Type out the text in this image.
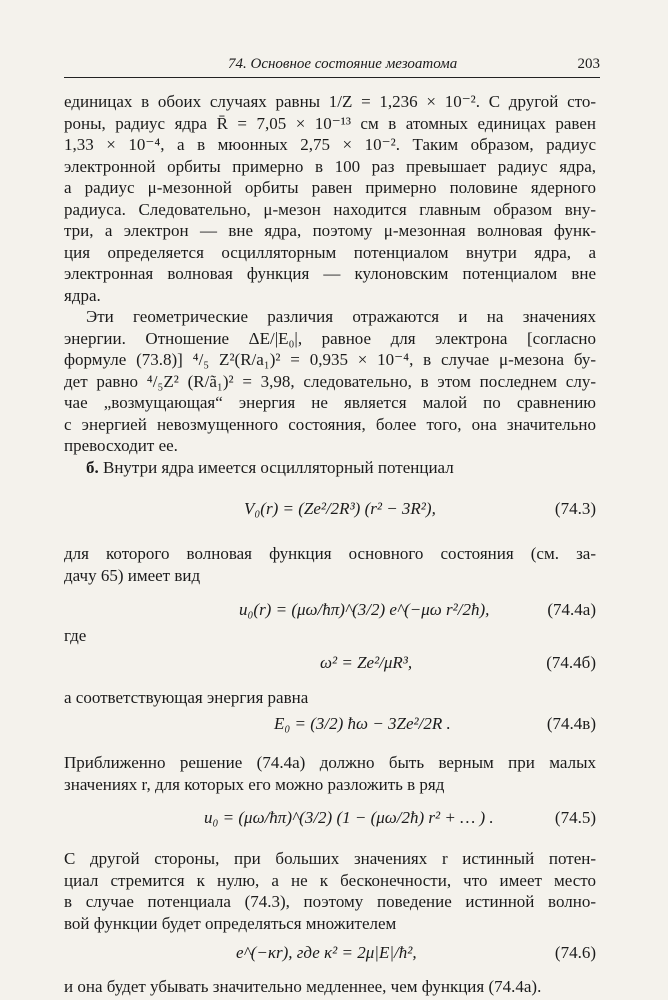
74. Основное состояние мезоатома	203
единицах в обоих случаях равны 1/Z = 1,236 × 10⁻². С другой сто-
роны, радиус ядра R̄ = 7,05 × 10⁻¹³ см в атомных единицах равен
1,33 × 10⁻⁴, а в мюонных 2,75 × 10⁻². Таким образом, радиус
электронной орбиты примерно в 100 раз превышает радиус ядра,
а радиус μ-мезонной орбиты равен примерно половине ядерного
радиуса. Следовательно, μ-мезон находится главным образом вну-
три, а электрон — вне ядра, поэтому μ-мезонная волновая функ-
ция определяется осцилляторным потенциалом внутри ядра, а
электронная волновая функция — кулоновским потенциалом вне
ядра.
Эти геометрические различия отражаются и на значениях
энергии. Отношение ΔE/|E₀|, равное для электрона [согласно
формуле (73.8)] ⁴/₅ Z²(R/a₁)² = 0,935 × 10⁻⁴, в случае μ-мезона бу-
дет равно ⁴/₅Z² (R/ã₁)² = 3,98, следовательно, в этом последнем слу-
чае „возмущающая“ энергия не является малой по сравнению
с энергией невозмущенного состояния, более того, она значительно
превосходит ее.
б. Внутри ядра имеется осцилляторный потенциал
V₀(r) = (Ze²/2R³) (r² − 3R²),	(74.3)
для которого волновая функция основного состояния (см. за-
дачу 65) имеет вид
u₀(r) = (μω/ħπ)^(3/2) e^(−μω r²/2ħ),	(74.4а)
где
ω² = Ze²/μR³,	(74.4б)
а соответствующая энергия равна
E₀ = (3/2) ħω − 3Ze²/2R .	(74.4в)
Приближенно решение (74.4а) должно быть верным при малых
значениях r, для которых его можно разложить в ряд
u₀ = (μω/ħπ)^(3/2) (1 − (μω/2ħ) r² + … ) .	(74.5)
С другой стороны, при больших значениях r истинный потен-
циал стремится к нулю, а не к бесконечности, что имеет место
в случае потенциала (74.3), поэтому поведение истинной волно-
вой функции будет определяться множителем
e^(−κr), где κ² = 2μ|E|/ħ²,	(74.6)
и она будет убывать значительно медленнее, чем функция (74.4а).
